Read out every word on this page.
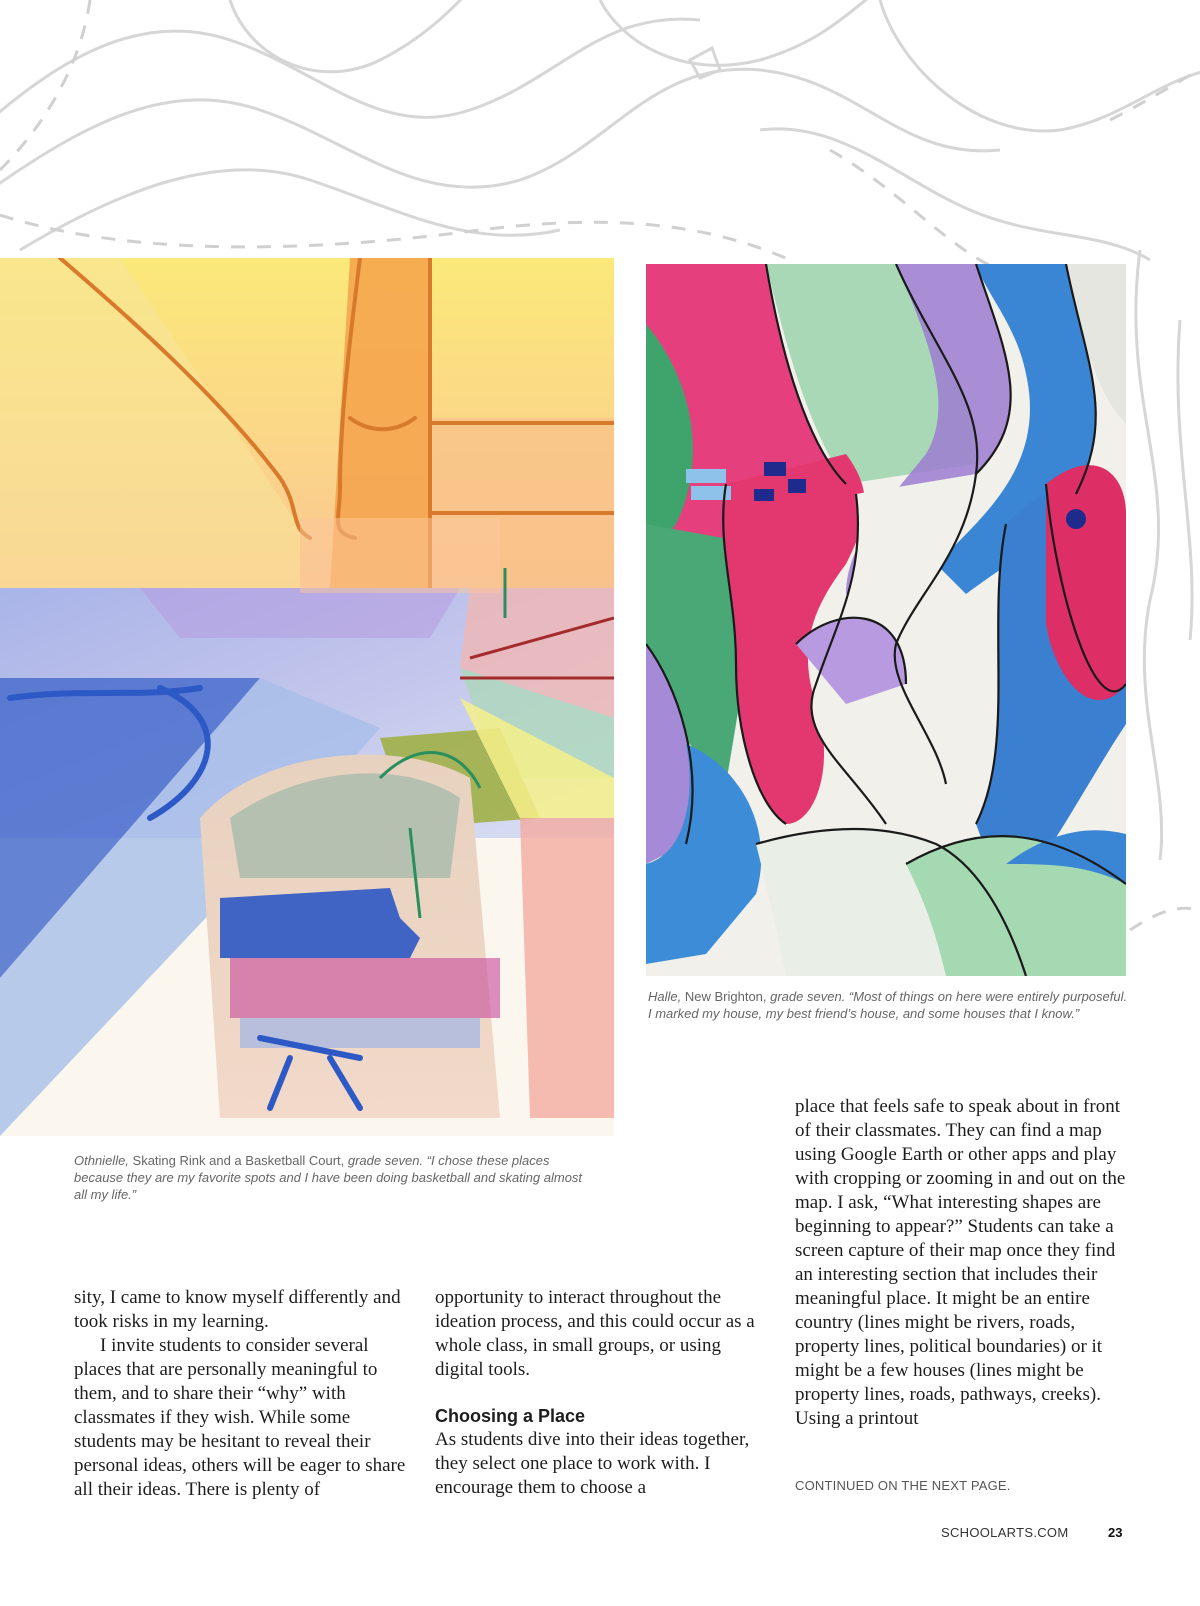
Halle, New Brighton, grade seven. “Most of things on here were entirely purposeful. I marked my house, my best friend’s house, and some houses that I know.”
Othnielle, Skating Rink and a Basketball Court, grade seven. “I chose these places because they are my favorite spots and I have been doing basketball and skating almost all my life.”

sity, I came to know myself differently and took risks in my learning.

I invite students to consider several places that are personally meaningful to them, and to share their “why” with classmates if they wish. While some students may be hesitant to reveal their personal ideas, others will be eager to share all their ideas. There is plenty of

opportunity to interact throughout the ideation process, and this could occur as a whole class, in small groups, or using digital tools.

Choosing a Place

As students dive into their ideas together, they select one place to work with. I encourage them to choose a

place that feels safe to speak about in front of their classmates. They can find a map using Google Earth or other apps and play with cropping or zooming in and out on the map. I ask, “What interesting shapes are beginning to appear?” Students can take a screen capture of their map once they find an interesting section that includes their meaningful place. It might be an entire country (lines might be rivers, roads, property lines, political boundaries) or it might be a few houses (lines might be property lines, roads, pathways, creeks). Using a printout

CONTINUED ON THE NEXT PAGE.
SCHOOLARTS.COM	23
